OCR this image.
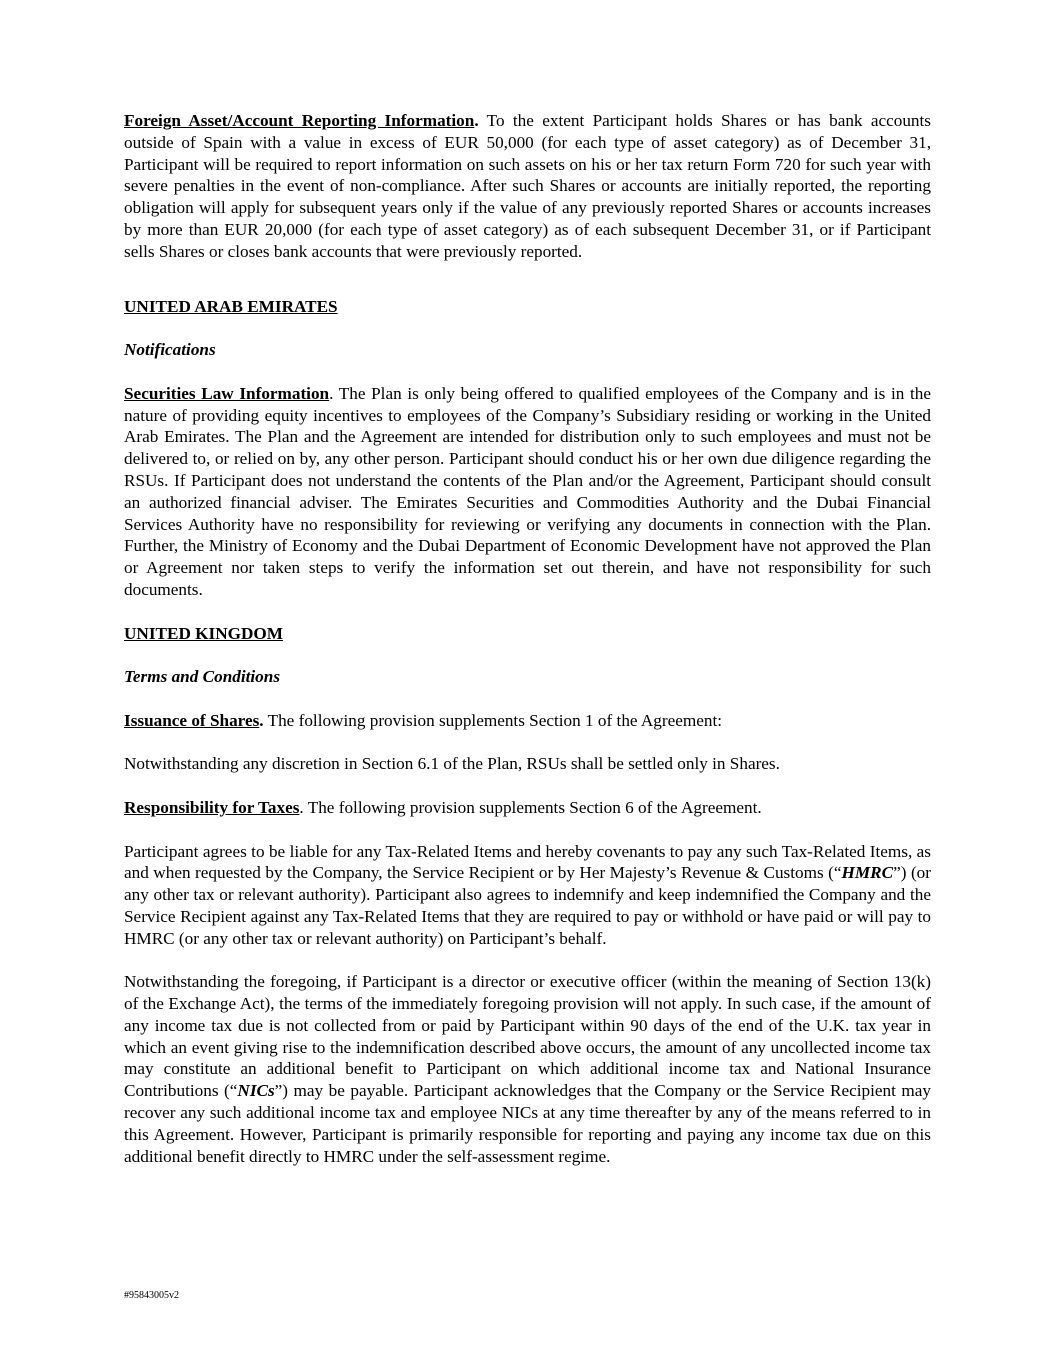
Foreign Asset/Account Reporting Information. To the extent Participant holds Shares or has bank accounts outside of Spain with a value in excess of EUR 50,000 (for each type of asset category) as of December 31, Participant will be required to report information on such assets on his or her tax return Form 720 for such year with severe penalties in the event of non-compliance. After such Shares or accounts are initially reported, the reporting obligation will apply for subsequent years only if the value of any previously reported Shares or accounts increases by more than EUR 20,000 (for each type of asset category) as of each subsequent December 31, or if Participant sells Shares or closes bank accounts that were previously reported.

UNITED ARAB EMIRATES
Notifications

Securities Law Information. The Plan is only being offered to qualified employees of the Company and is in the nature of providing equity incentives to employees of the Company’s Subsidiary residing or working in the United Arab Emirates. The Plan and the Agreement are intended for distribution only to such employees and must not be delivered to, or relied on by, any other person. Participant should conduct his or her own due diligence regarding the RSUs. If Participant does not understand the contents of the Plan and/or the Agreement, Participant should consult an authorized financial adviser. The Emirates Securities and Commodities Authority and the Dubai Financial Services Authority have no responsibility for reviewing or verifying any documents in connection with the Plan. Further, the Ministry of Economy and the Dubai Department of Economic Development have not approved the Plan or Agreement nor taken steps to verify the information set out therein, and have not responsibility for such documents.

UNITED KINGDOM
Terms and Conditions

Issuance of Shares. The following provision supplements Section 1 of the Agreement:

Notwithstanding any discretion in Section 6.1 of the Plan, RSUs shall be settled only in Shares.

Responsibility for Taxes. The following provision supplements Section 6 of the Agreement.

Participant agrees to be liable for any Tax-Related Items and hereby covenants to pay any such Tax-Related Items, as and when requested by the Company, the Service Recipient or by Her Majesty’s Revenue & Customs (“HMRC”) (or any other tax or relevant authority). Participant also agrees to indemnify and keep indemnified the Company and the Service Recipient against any Tax-Related Items that they are required to pay or withhold or have paid or will pay to HMRC (or any other tax or relevant authority) on Participant’s behalf.

Notwithstanding the foregoing, if Participant is a director or executive officer (within the meaning of Section 13(k) of the Exchange Act), the terms of the immediately foregoing provision will not apply. In such case, if the amount of any income tax due is not collected from or paid by Participant within 90 days of the end of the U.K. tax year in which an event giving rise to the indemnification described above occurs, the amount of any uncollected income tax may constitute an additional benefit to Participant on which additional income tax and National Insurance Contributions (“NICs”) may be payable. Participant acknowledges that the Company or the Service Recipient may recover any such additional income tax and employee NICs at any time thereafter by any of the means referred to in this Agreement. However, Participant is primarily responsible for reporting and paying any income tax due on this additional benefit directly to HMRC under the self-assessment regime.

#95843005v2
